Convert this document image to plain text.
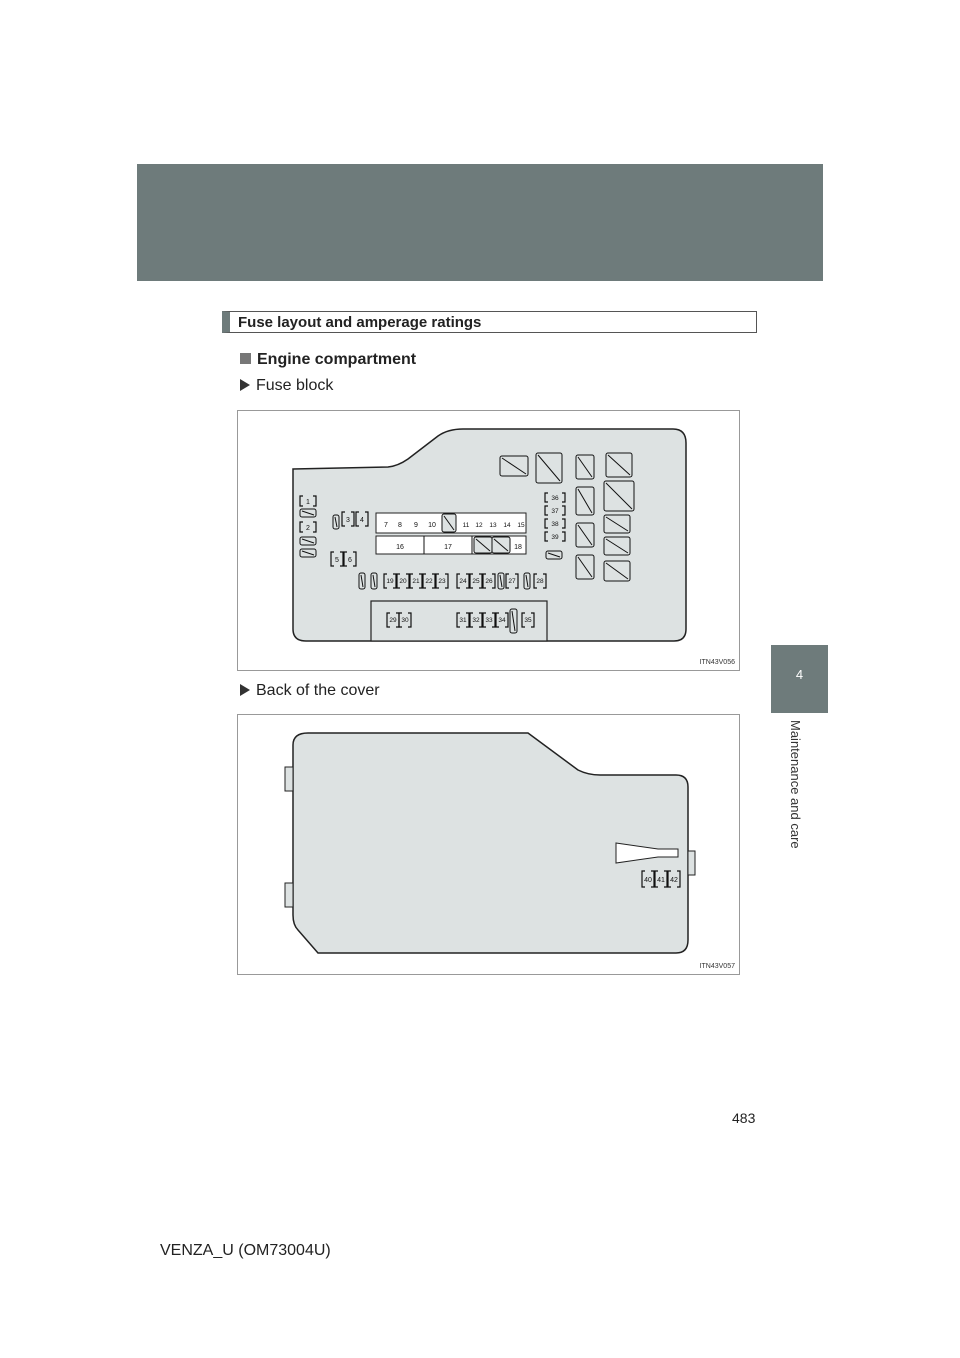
4-3. Do-it-yourself maintenance
4
Maintenance and care
Fuse layout and amperage ratings
Engine compartment
Fuse block
1
2
3 4
5 6
7 8 9 10	11 12 13 14 15
16	17	18
19 20 21 22 23 24 25 26 27	28
29 30	31 32 33 34	35
36
37
38
39
ITN43V056
Back of the cover
40 41 42
ITN43V057
483
VENZA_U (OM73004U)
